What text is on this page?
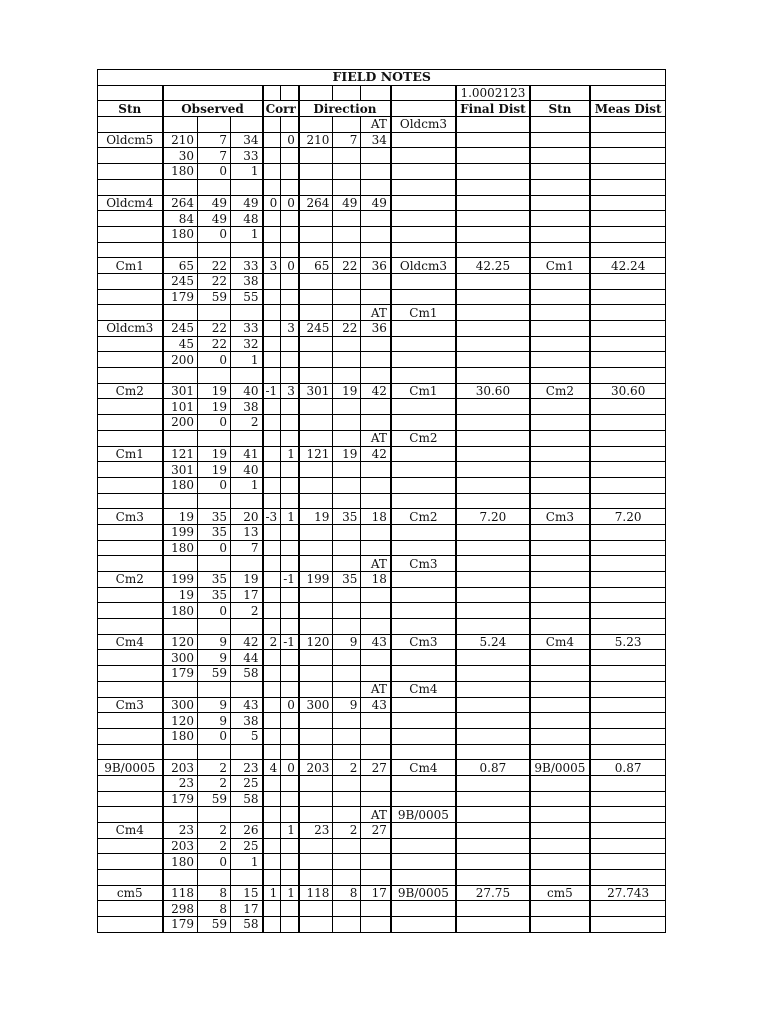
FIELD NOTES												
										1.0002123		
Stn	Observed			Corr		Direction				Final Dist	Stn	Meas Dist
								AT	Oldcm3			
Oldcm5	210	7	34		0	210	7	34				
	30	7	33									
	180	0	1									

Oldcm4	264	49	49	0	0	264	49	49				
	84	49	48									
	180	0	1									

Cm1	65	22	33	3	0	65	22	36	Oldcm3	42.25	Cm1	42.24
	245	22	38									
	179	59	55									
								AT	Cm1			
Oldcm3	245	22	33		3	245	22	36				
	45	22	32									
	200	0	1									

Cm2	301	19	40	-1	3	301	19	42	Cm1	30.60	Cm2	30.60
	101	19	38									
	200	0	2									
								AT	Cm2			
Cm1	121	19	41		1	121	19	42				
	301	19	40									
	180	0	1									

Cm3	19	35	20	-3	1	19	35	18	Cm2	7.20	Cm3	7.20
	199	35	13									
	180	0	7									
								AT	Cm3			
Cm2	199	35	19		-1	199	35	18				
	19	35	17									
	180	0	2									

Cm4	120	9	42	2	-1	120	9	43	Cm3	5.24	Cm4	5.23
	300	9	44									
	179	59	58									
								AT	Cm4			
Cm3	300	9	43		0	300	9	43				
	120	9	38									
	180	0	5									

9B/0005	203	2	23	4	0	203	2	27	Cm4	0.87	9B/0005	0.87
	23	2	25									
	179	59	58									
								AT	9B/0005			
Cm4	23	2	26		1	23	2	27				
	203	2	25									
	180	0	1									

cm5	118	8	15	1	1	118	8	17	9B/0005	27.75	cm5	27.743
	298	8	17									
	179	59	58									
